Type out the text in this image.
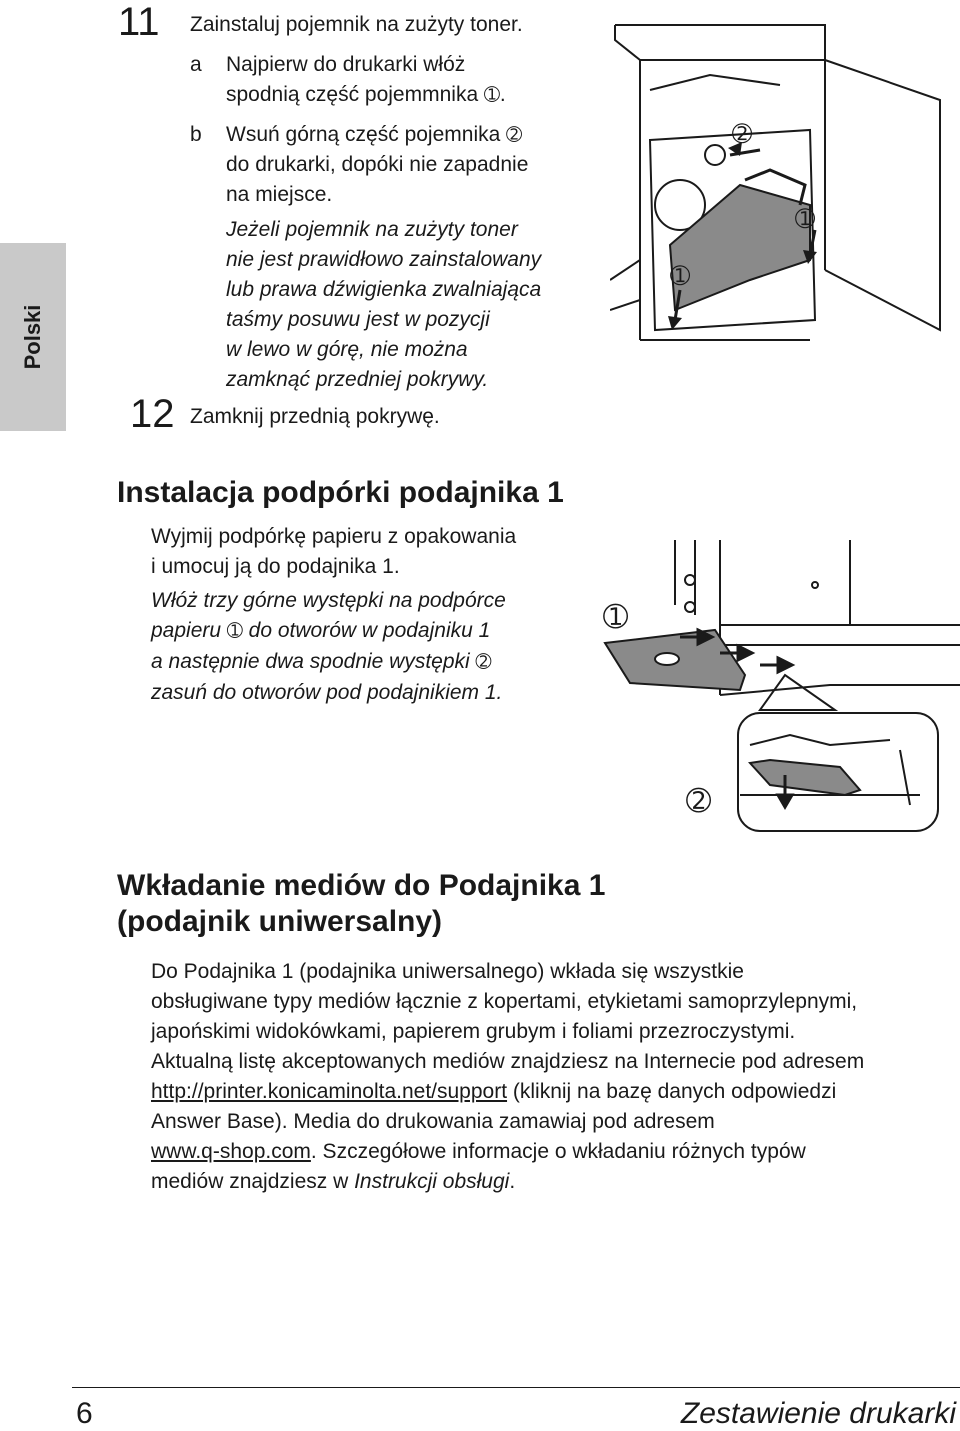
Polski
11 Zainstaluj pojemnik na zużyty toner.
a Najpierw do drukarki włóż
spodnią część pojemmnika ➀.
b Wsuń górną część pojemnika ➁
do drukarki, dopóki nie zapadnie
na miejsce.
Jeżeli pojemnik na zużyty toner
nie jest prawidłowo zainstalowany
lub prawa dźwigienka zwalniająca
taśmy posuwu jest w pozycji
w lewo w górę, nie można
zamknąć przedniej pokrywy.
12 Zamknij przednią pokrywę.
➁
➀
➀
Instalacja podpórki podajnika 1
Wyjmij podpórkę papieru z opakowania
i umocuj ją do podajnika 1.
Włóż trzy górne występki na podpórce
papieru ➀ do otworów w podajniku 1
a następnie dwa spodnie występki ➁
zasuń do otworów pod podajnikiem 1.
➀
➁
Wkładanie mediów do Podajnika 1
(podajnik uniwersalny)
Do Podajnika 1 (podajnika uniwersalnego) wkłada się wszystkie
obsługiwane typy mediów łącznie z kopertami, etykietami samoprzylepnymi,
japońskimi widokówkami, papierem grubym i foliami przezroczystymi.
Aktualną listę akceptowanych mediów znajdziesz na Internecie pod adresem
http://printer.konicaminolta.net/support (kliknij na bazę danych odpowiedzi
Answer Base). Media do drukowania zamawiaj pod adresem
www.q-shop.com. Szczegółowe informacje o wkładaniu różnych typów
mediów znajdziesz w Instrukcji obsługi.
6	Zestawienie drukarki
